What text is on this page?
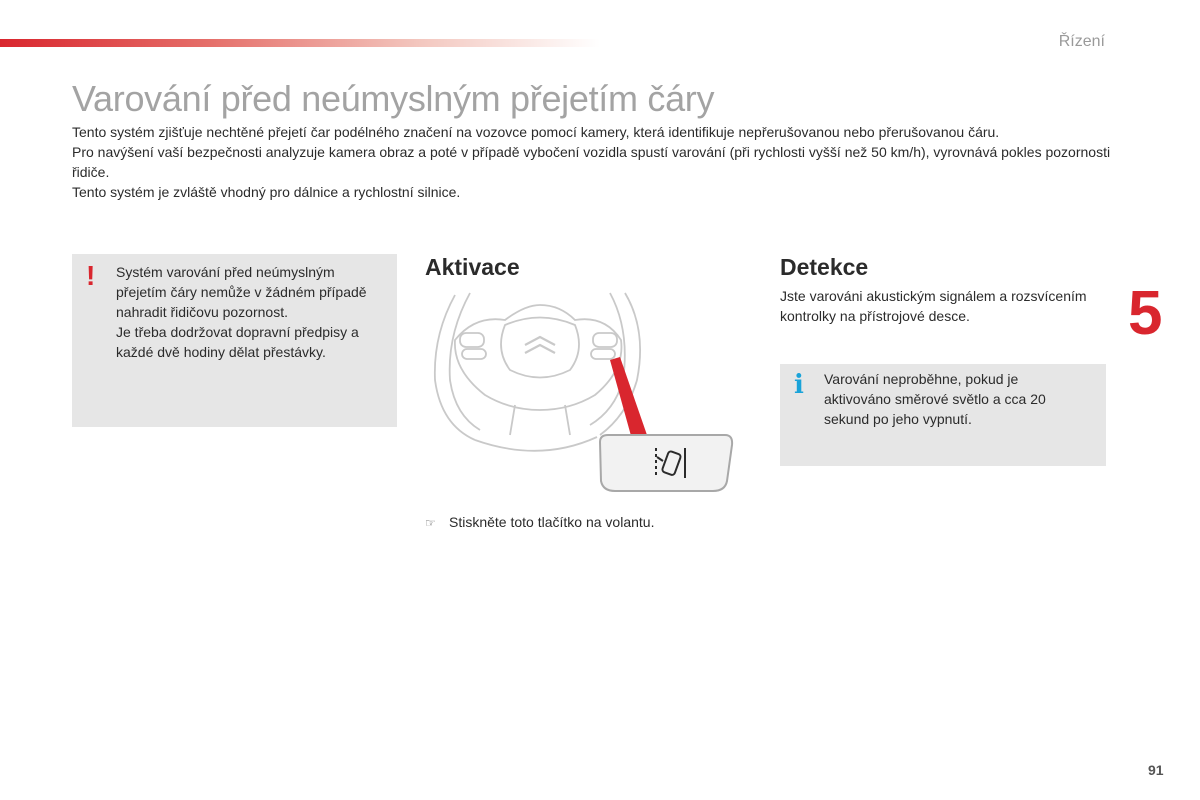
Řízení
Varování před neúmyslným přejetím čáry

Tento systém zjišťuje nechtěné přejetí čar podélného značení na vozovce pomocí kamery, která identifikuje nepřerušovanou nebo přerušovanou čáru.

Pro navýšení vaší bezpečnosti analyzuje kamera obraz a poté v případě vybočení vozidla spustí varování (při rychlosti vyšší než 50 km/h), vyrovnává pokles pozornosti řidiče.

Tento systém je zvláště vhodný pro dálnice a rychlostní silnice.

! Systém varování před neúmyslným přejetím čáry nemůže v žádném případě nahradit řidičovu pozornost.

Je třeba dodržovat dopravní předpisy a každé dvě hodiny dělat přestávky.

Aktivace
☞ Stiskněte toto tlačítko na volantu.
Detekce
Jste varováni akustickým signálem a rozsvícením kontrolky na přístrojové desce.
i Varování neproběhne, pokud je aktivováno směrové světlo a cca 20 sekund po jeho vypnutí.
5
91
